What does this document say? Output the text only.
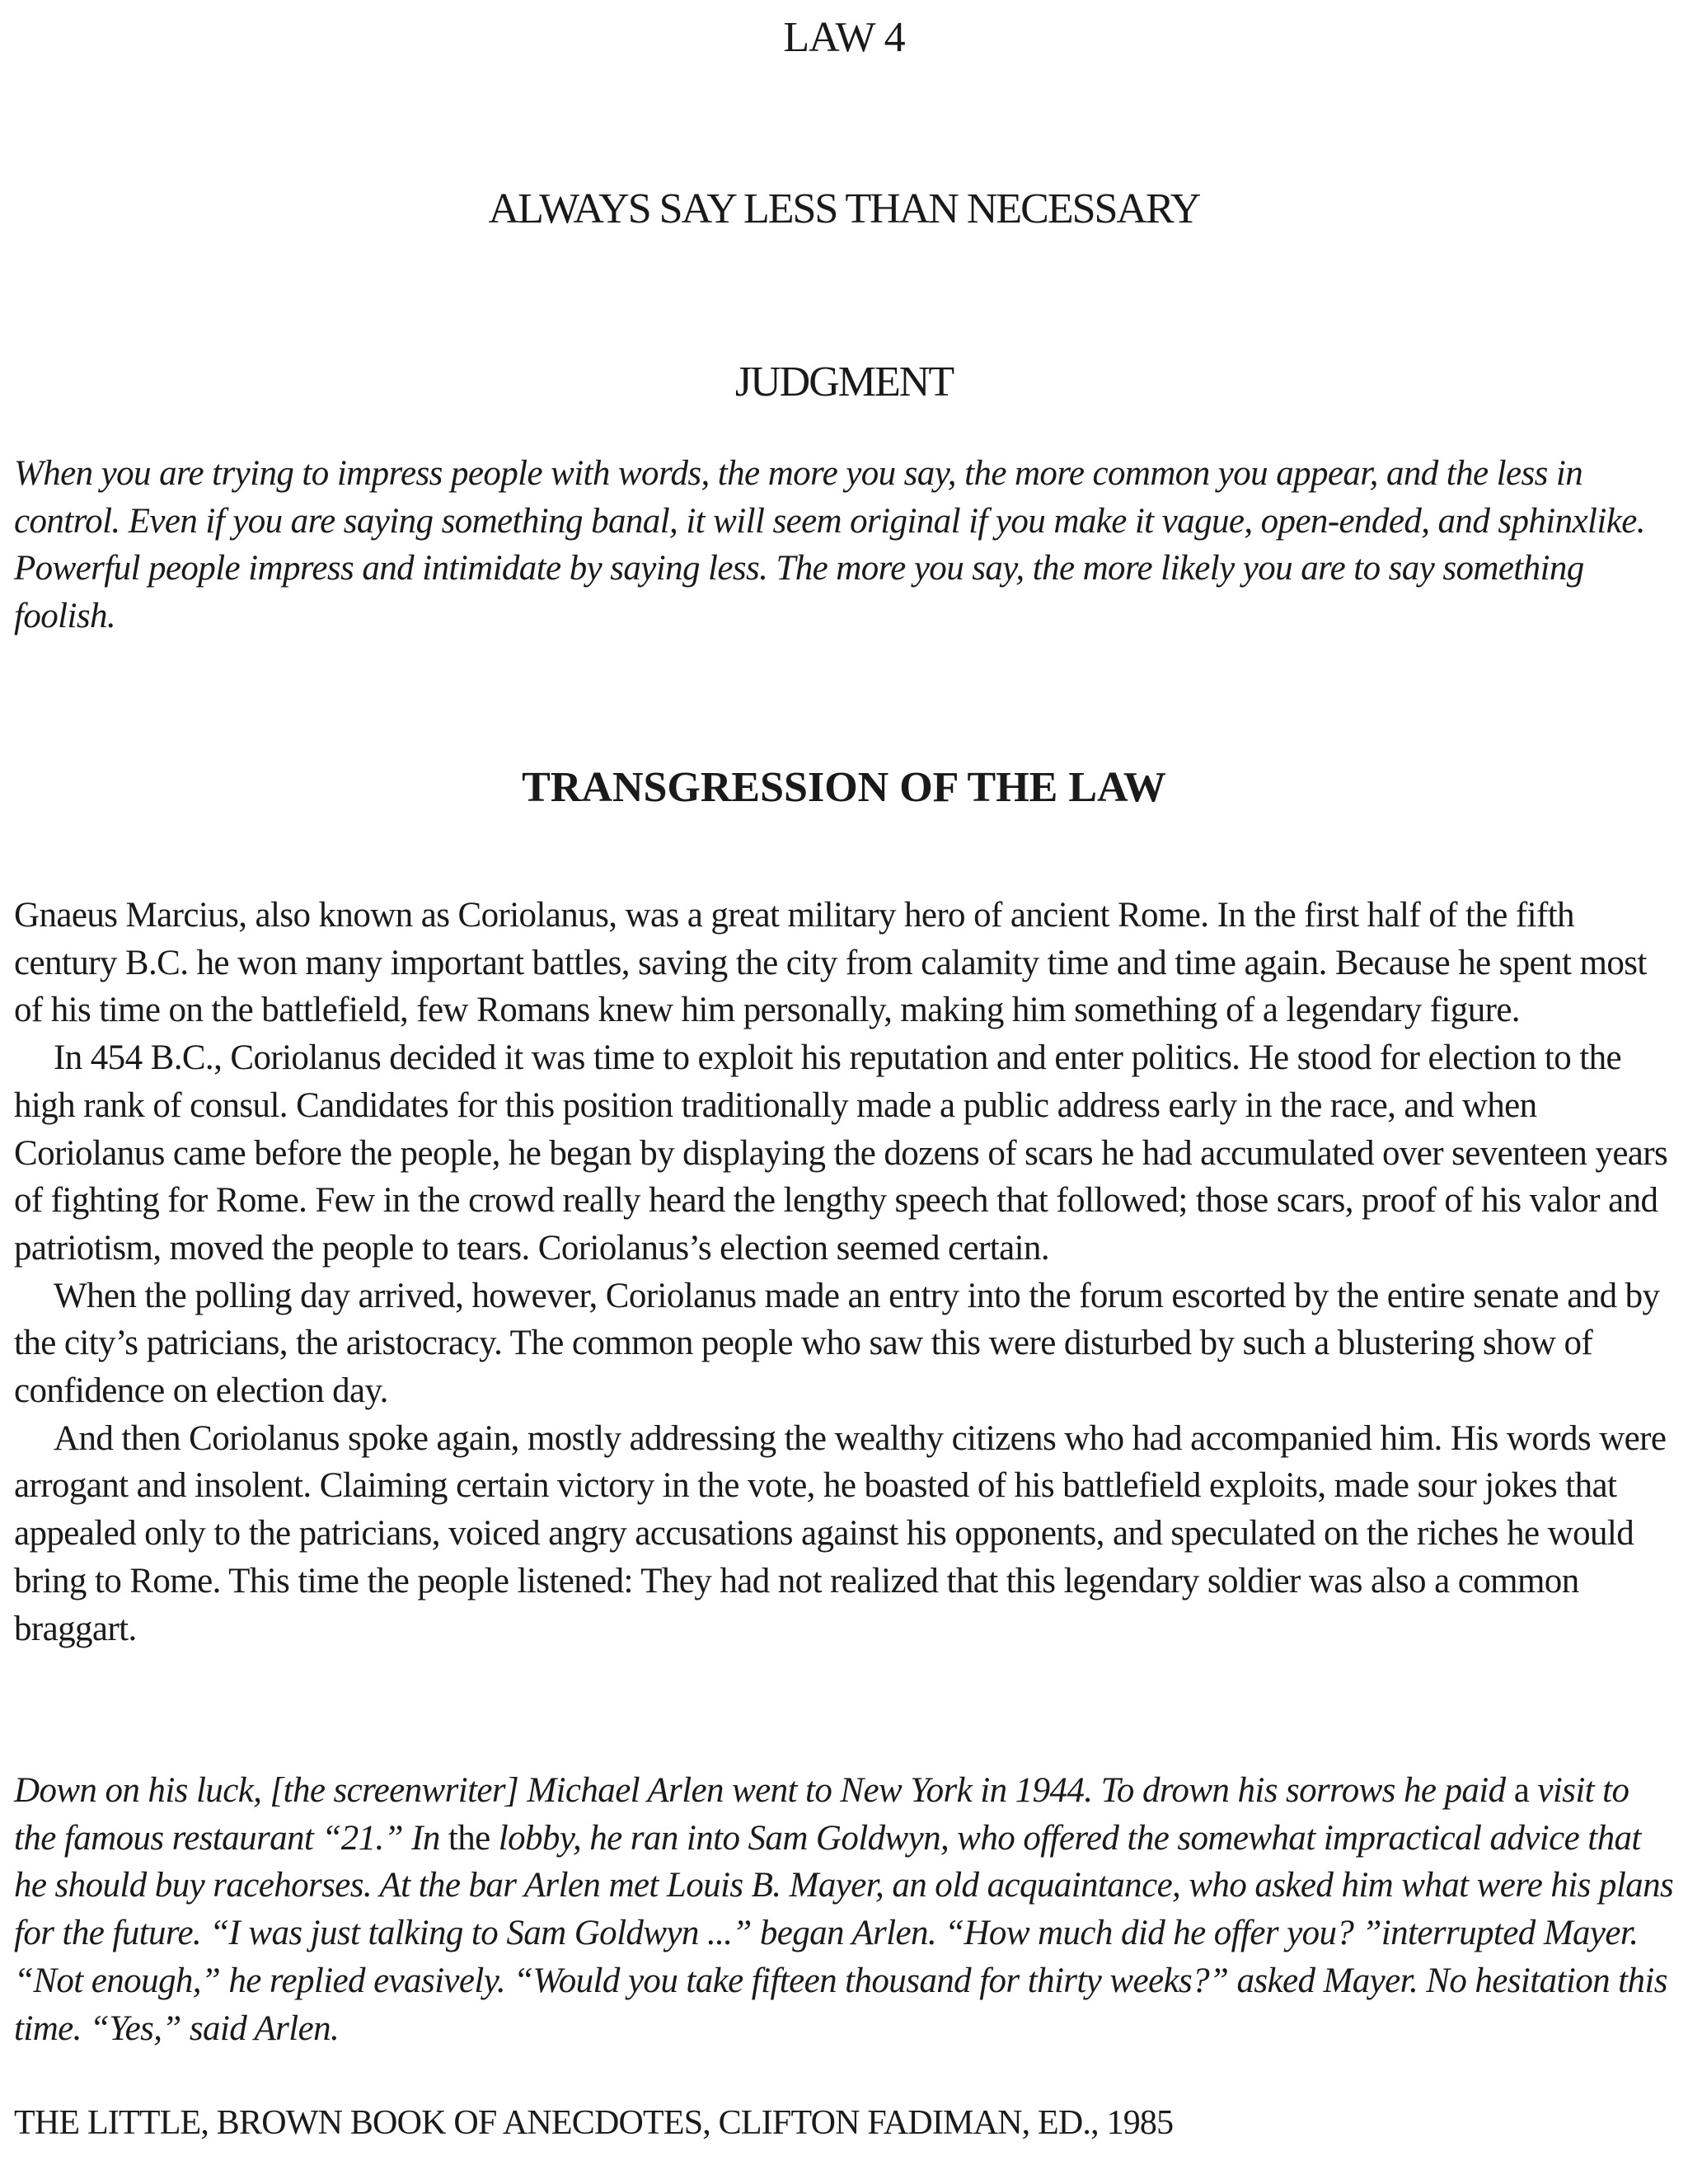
LAW 4
ALWAYS SAY LESS THAN NECESSARY
JUDGMENT

When you are trying to impress people with words, the more you say, the more common you appear, and the less in control. Even if you are saying something banal, it will seem original if you make it vague, open-ended, and sphinxlike. Powerful people impress and intimidate by saying less. The more you say, the more likely you are to say something foolish.

TRANSGRESSION OF THE LAW

Gnaeus Marcius, also known as Coriolanus, was a great military hero of ancient Rome. In the first half of the fifth century B.C. he won many important battles, saving the city from calamity time and time again. Because he spent most of his time on the battlefield, few Romans knew him personally, making him something of a legendary figure.

In 454 B.C., Coriolanus decided it was time to exploit his reputation and enter politics. He stood for election to the high rank of consul. Candidates for this position traditionally made a public address early in the race, and when Coriolanus came before the people, he began by displaying the dozens of scars he had accumulated over seventeen years of fighting for Rome. Few in the crowd really heard the lengthy speech that followed; those scars, proof of his valor and patriotism, moved the people to tears. Coriolanus’s election seemed certain.

When the polling day arrived, however, Coriolanus made an entry into the forum escorted by the entire senate and by the city’s patricians, the aristocracy. The common people who saw this were disturbed by such a blustering show of confidence on election day.

And then Coriolanus spoke again, mostly addressing the wealthy citizens who had accompanied him. His words were arrogant and insolent. Claiming certain victory in the vote, he boasted of his battlefield exploits, made sour jokes that appealed only to the patricians, voiced angry accusations against his opponents, and speculated on the riches he would bring to Rome. This time the people listened: They had not realized that this legendary soldier was also a common braggart.

Down on his luck, [the screenwriter] Michael Arlen went to New York in 1944. To drown his sorrows he paid a visit to the famous restaurant “21.” In the lobby, he ran into Sam Goldwyn, who offered the somewhat impractical advice that he should buy racehorses. At the bar Arlen met Louis B. Mayer, an old acquaintance, who asked him what were his plans for the future. “I was just talking to Sam Goldwyn ...” began Arlen. “How much did he offer you? ”interrupted Mayer. “Not enough,” he replied evasively. “Would you take fifteen thousand for thirty weeks?” asked Mayer. No hesitation this time. “Yes,” said Arlen.

THE LITTLE, BROWN BOOK OF ANECDOTES, CLIFTON FADIMAN, ED., 1985
